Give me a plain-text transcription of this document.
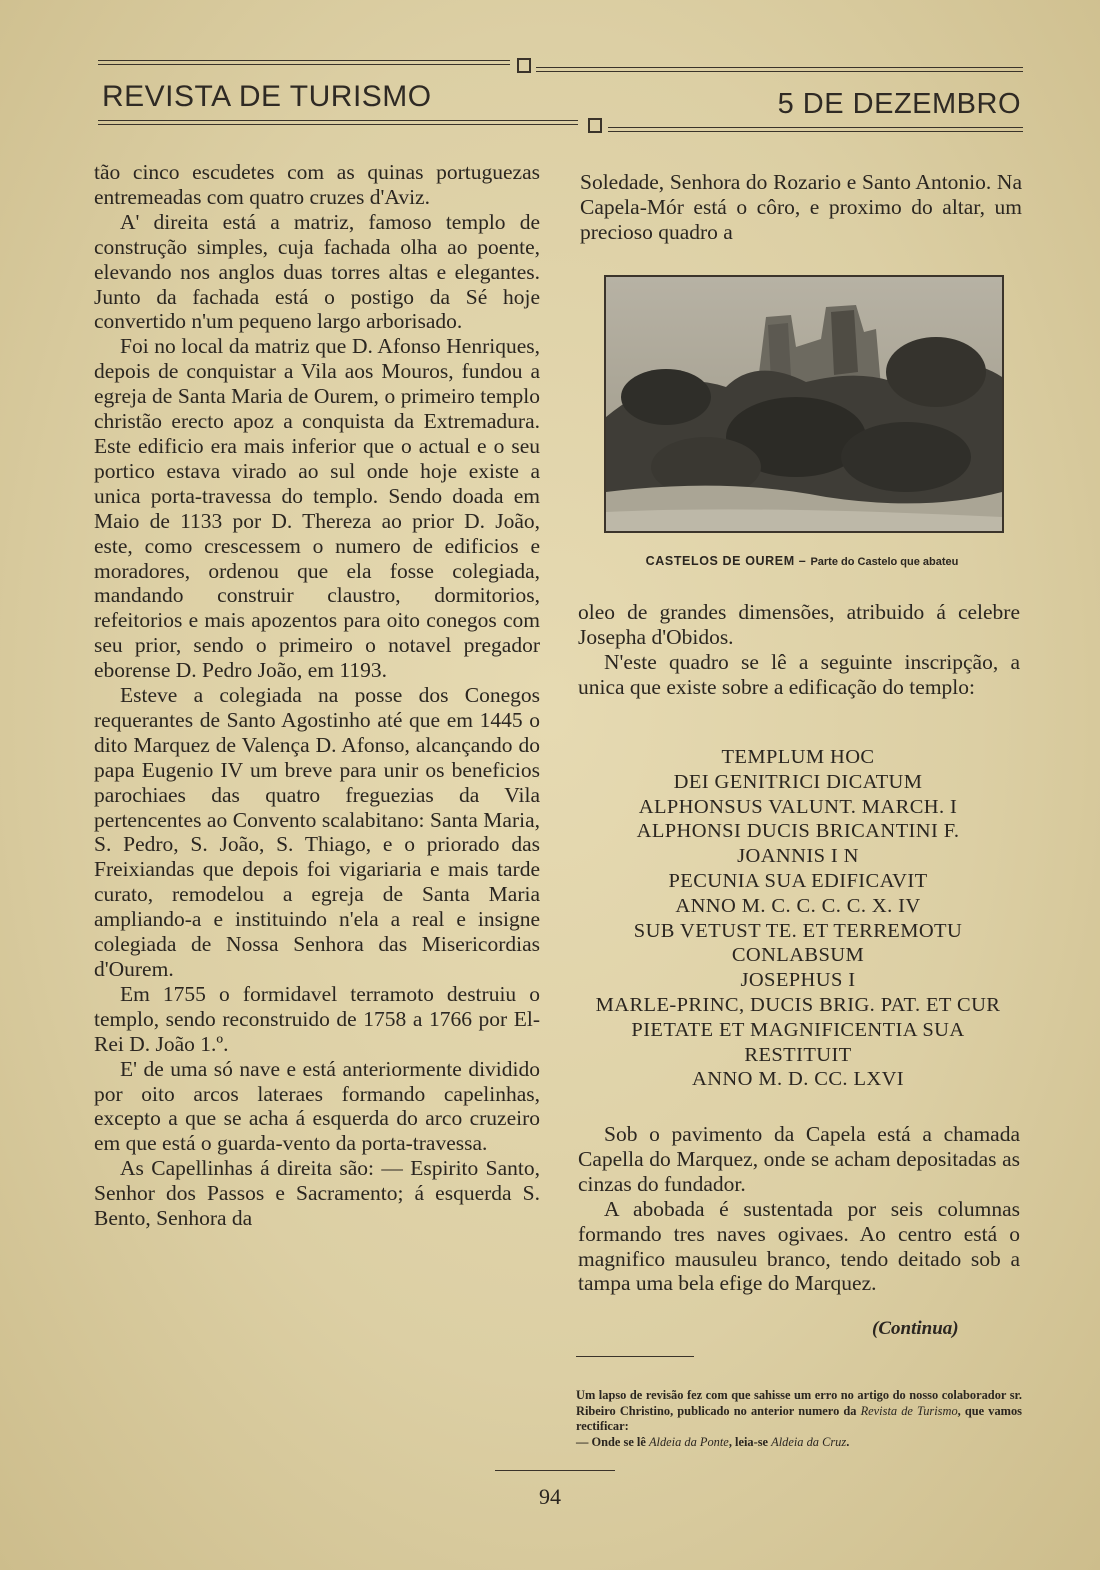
REVISTA DE TURISMO	5 DE DEZEMBRO

tão cinco escudetes com as quinas portuguezas entremeadas com quatro cruzes d'Aviz.

A' direita está a matriz, famoso templo de construção simples, cuja fachada olha ao poente, elevando nos anglos duas torres altas e elegantes. Junto da fachada está o postigo da Sé hoje convertido n'um pequeno largo arborisado.

Foi no local da matriz que D. Afonso Henriques, depois de conquistar a Vila aos Mouros, fundou a egreja de Santa Maria de Ourem, o primeiro templo christão erecto apoz a conquista da Extremadura. Este edificio era mais inferior que o actual e o seu portico estava virado ao sul onde hoje existe a unica porta-travessa do templo. Sendo doada em Maio de 1133 por D. Thereza ao prior D. João, este, como crescessem o numero de edificios e moradores, ordenou que ela fosse colegiada, mandando construir claustro, dormitorios, refeitorios e mais apozentos para oito conegos com seu prior, sendo o primeiro o notavel pregador eborense D. Pedro João, em 1193.

Esteve a colegiada na posse dos Conegos requerantes de Santo Agostinho até que em 1445 o dito Marquez de Valença D. Afonso, alcançando do papa Eugenio IV um breve para unir os beneficios parochiaes das quatro freguezias da Vila pertencentes ao Convento scalabitano: Santa Maria, S. Pedro, S. João, S. Thiago, e o priorado das Freixiandas que depois foi vigariaria e mais tarde curato, remodelou a egreja de Santa Maria ampliando-a e instituindo n'ela a real e insigne colegiada de Nossa Senhora das Misericordias d'Ourem.

Em 1755 o formidavel terramoto destruiu o templo, sendo reconstruido de 1758 a 1766 por El-Rei D. João 1.º.

E' de uma só nave e está anteriormente dividido por oito arcos lateraes formando capelinhas, excepto a que se acha á esquerda do arco cruzeiro em que está o guarda-vento da porta-travessa.

As Capellinhas á direita são: — Espirito Santo, Senhor dos Passos e Sacramento; á esquerda S. Bento, Senhora da

Soledade, Senhora do Rozario e Santo Antonio. Na Capela-Mór está o côro, e proximo do altar, um precioso quadro a

CASTELOS DE OUREM – Parte do Castelo que abateu

oleo de grandes dimensões, atribuido á celebre Josepha d'Obidos.

N'este quadro se lê a seguinte inscripção, a unica que existe sobre a edificação do templo:

TEMPLUM HOC
DEI GENITRICI DICATUM
ALPHONSUS VALUNT. MARCH. I
ALPHONSI DUCIS BRICANTINI F.
JOANNIS I N
PECUNIA SUA EDIFICAVIT
ANNO M. C. C. C. C. X. IV
SUB VETUST TE. ET TERREMOTU
CONLABSUM
JOSEPHUS I
MARLE-PRINC, DUCIS BRIG. PAT. ET CUR
PIETATE ET MAGNIFICENTIA SUA
RESTITUIT
ANNO M. D. CC. LXVI

Sob o pavimento da Capela está a chamada Capella do Marquez, onde se acham depositadas as cinzas do fundador.

A abobada é sustentada por seis columnas formando tres naves ogivaes. Ao centro está o magnifico mausuleu branco, tendo deitado sob a tampa uma bela efige do Marquez.

(Continua)
Um lapso de revisão fez com que sahisse um erro no artigo do nosso colaborador sr. Ribeiro Christino, publicado no anterior numero da Revista de Turismo, que vamos rectificar:
— Onde se lê Aldeia da Ponte, leia-se Aldeia da Cruz.
94
